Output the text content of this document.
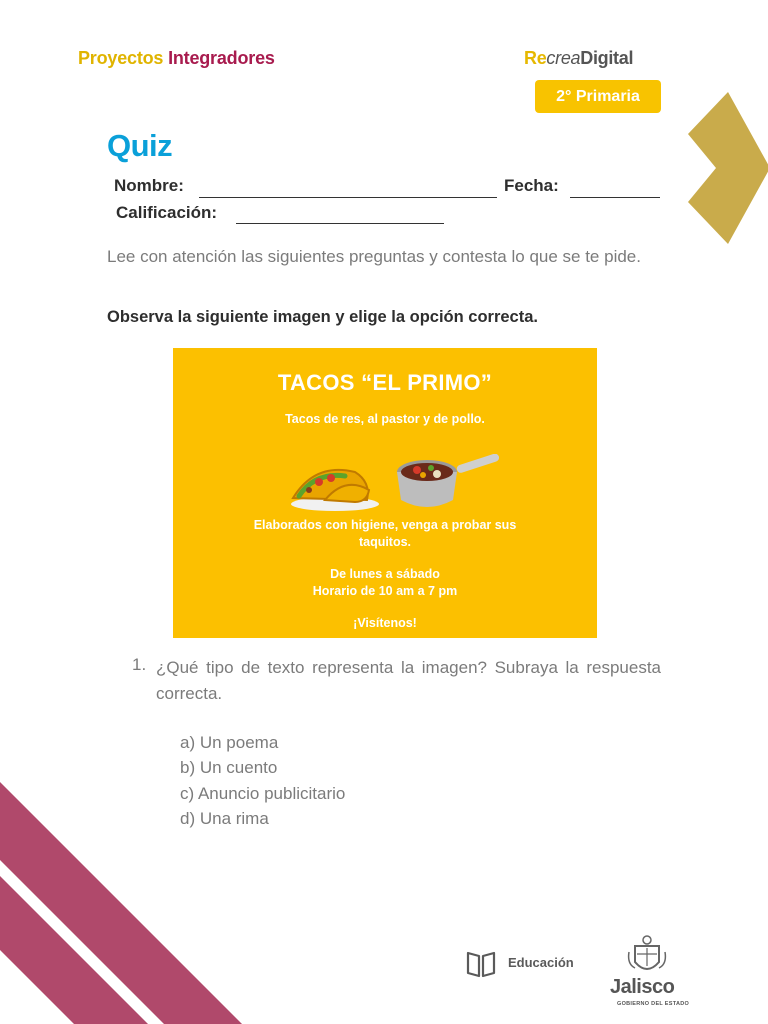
Proyectos Integradores	RecreaDigital
2° Primaria
Quiz
Nombre:	Fecha:
Calificación:
Lee con atención las siguientes preguntas y contesta lo que se te pide.
Observa la siguiente imagen y elige la opción correcta.
TACOS “EL PRIMO”
Tacos de res, al pastor y de pollo.
Elaborados con higiene, venga a probar sus
taquitos.
De lunes a sábado
Horario de 10 am a 7 pm
¡Visítenos!
1. ¿Qué tipo de texto representa la imagen? Subraya la respuesta correcta.
a) Un poema
b) Un cuento
c) Anuncio publicitario
d) Una rima
Educación
Jalisco
GOBIERNO DEL ESTADO
